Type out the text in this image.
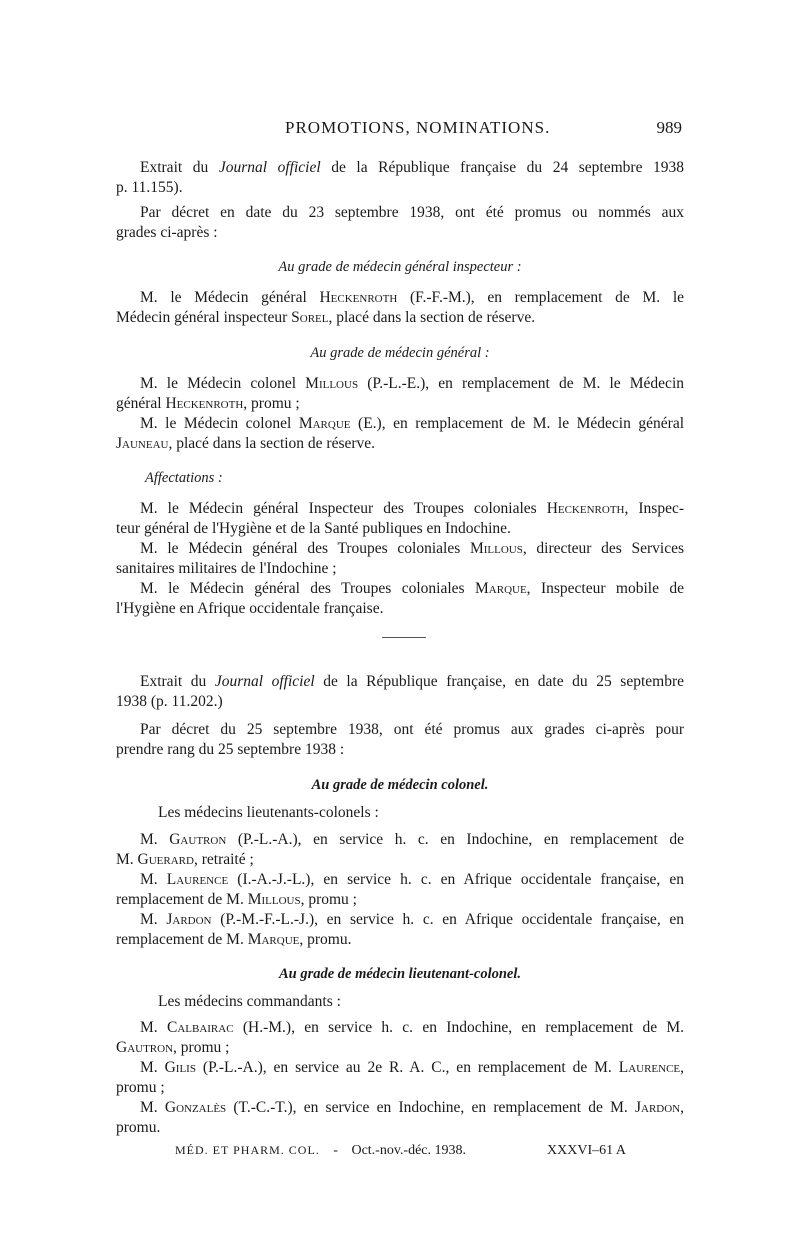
PROMOTIONS, NOMINATIONS.	989
Extrait du Journal officiel de la République française du 24 septembre 1938
p. 11.155).
Par décret en date du 23 septembre 1938, ont été promus ou nommés aux
grades ci-après :
Au grade de médecin général inspecteur :
M. le Médecin général Heckenroth (F.-F.-M.), en remplacement de M. le
Médecin général inspecteur Sorel, placé dans la section de réserve.
Au grade de médecin général :
M. le Médecin colonel Millous (P.-L.-E.), en remplacement de M. le Médecin
général Heckenroth, promu ;
M. le Médecin colonel Marque (E.), en remplacement de M. le Médecin général
Jauneau, placé dans la section de réserve.
Affectations :
M. le Médecin général Inspecteur des Troupes coloniales Heckenroth, Inspec-
teur général de l'Hygiène et de la Santé publiques en Indochine.
M. le Médecin général des Troupes coloniales Millous, directeur des Services
sanitaires militaires de l'Indochine ;
M. le Médecin général des Troupes coloniales Marque, Inspecteur mobile de
l'Hygiène en Afrique occidentale française.
Extrait du Journal officiel de la République française, en date du 25 septembre
1938 (p. 11.202.)
Par décret du 25 septembre 1938, ont été promus aux grades ci-après pour
prendre rang du 25 septembre 1938 :
Au grade de médecin colonel.
Les médecins lieutenants-colonels :
M. Gautron (P.-L.-A.), en service h. c. en Indochine, en remplacement de
M. Guerard, retraité ;
M. Laurence (I.-A.-J.-L.), en service h. c. en Afrique occidentale française, en
remplacement de M. Millous, promu ;
M. Jardon (P.-M.-F.-L.-J.), en service h. c. en Afrique occidentale française, en
remplacement de M. Marque, promu.
Au grade de médecin lieutenant-colonel.
Les médecins commandants :
M. Calbairac (H.-M.), en service h. c. en Indochine, en remplacement de M.
Gautron, promu ;
M. Gilis (P.-L.-A.), en service au 2e R. A. C., en remplacement de M. Laurence,
promu ;
M. Gonzalès (T.-C.-T.), en service en Indochine, en remplacement de M. Jardon,
promu.
MÉD. ET PHARM. COL. - Oct.-nov.-déc. 1938.	XXXVI–61 A
